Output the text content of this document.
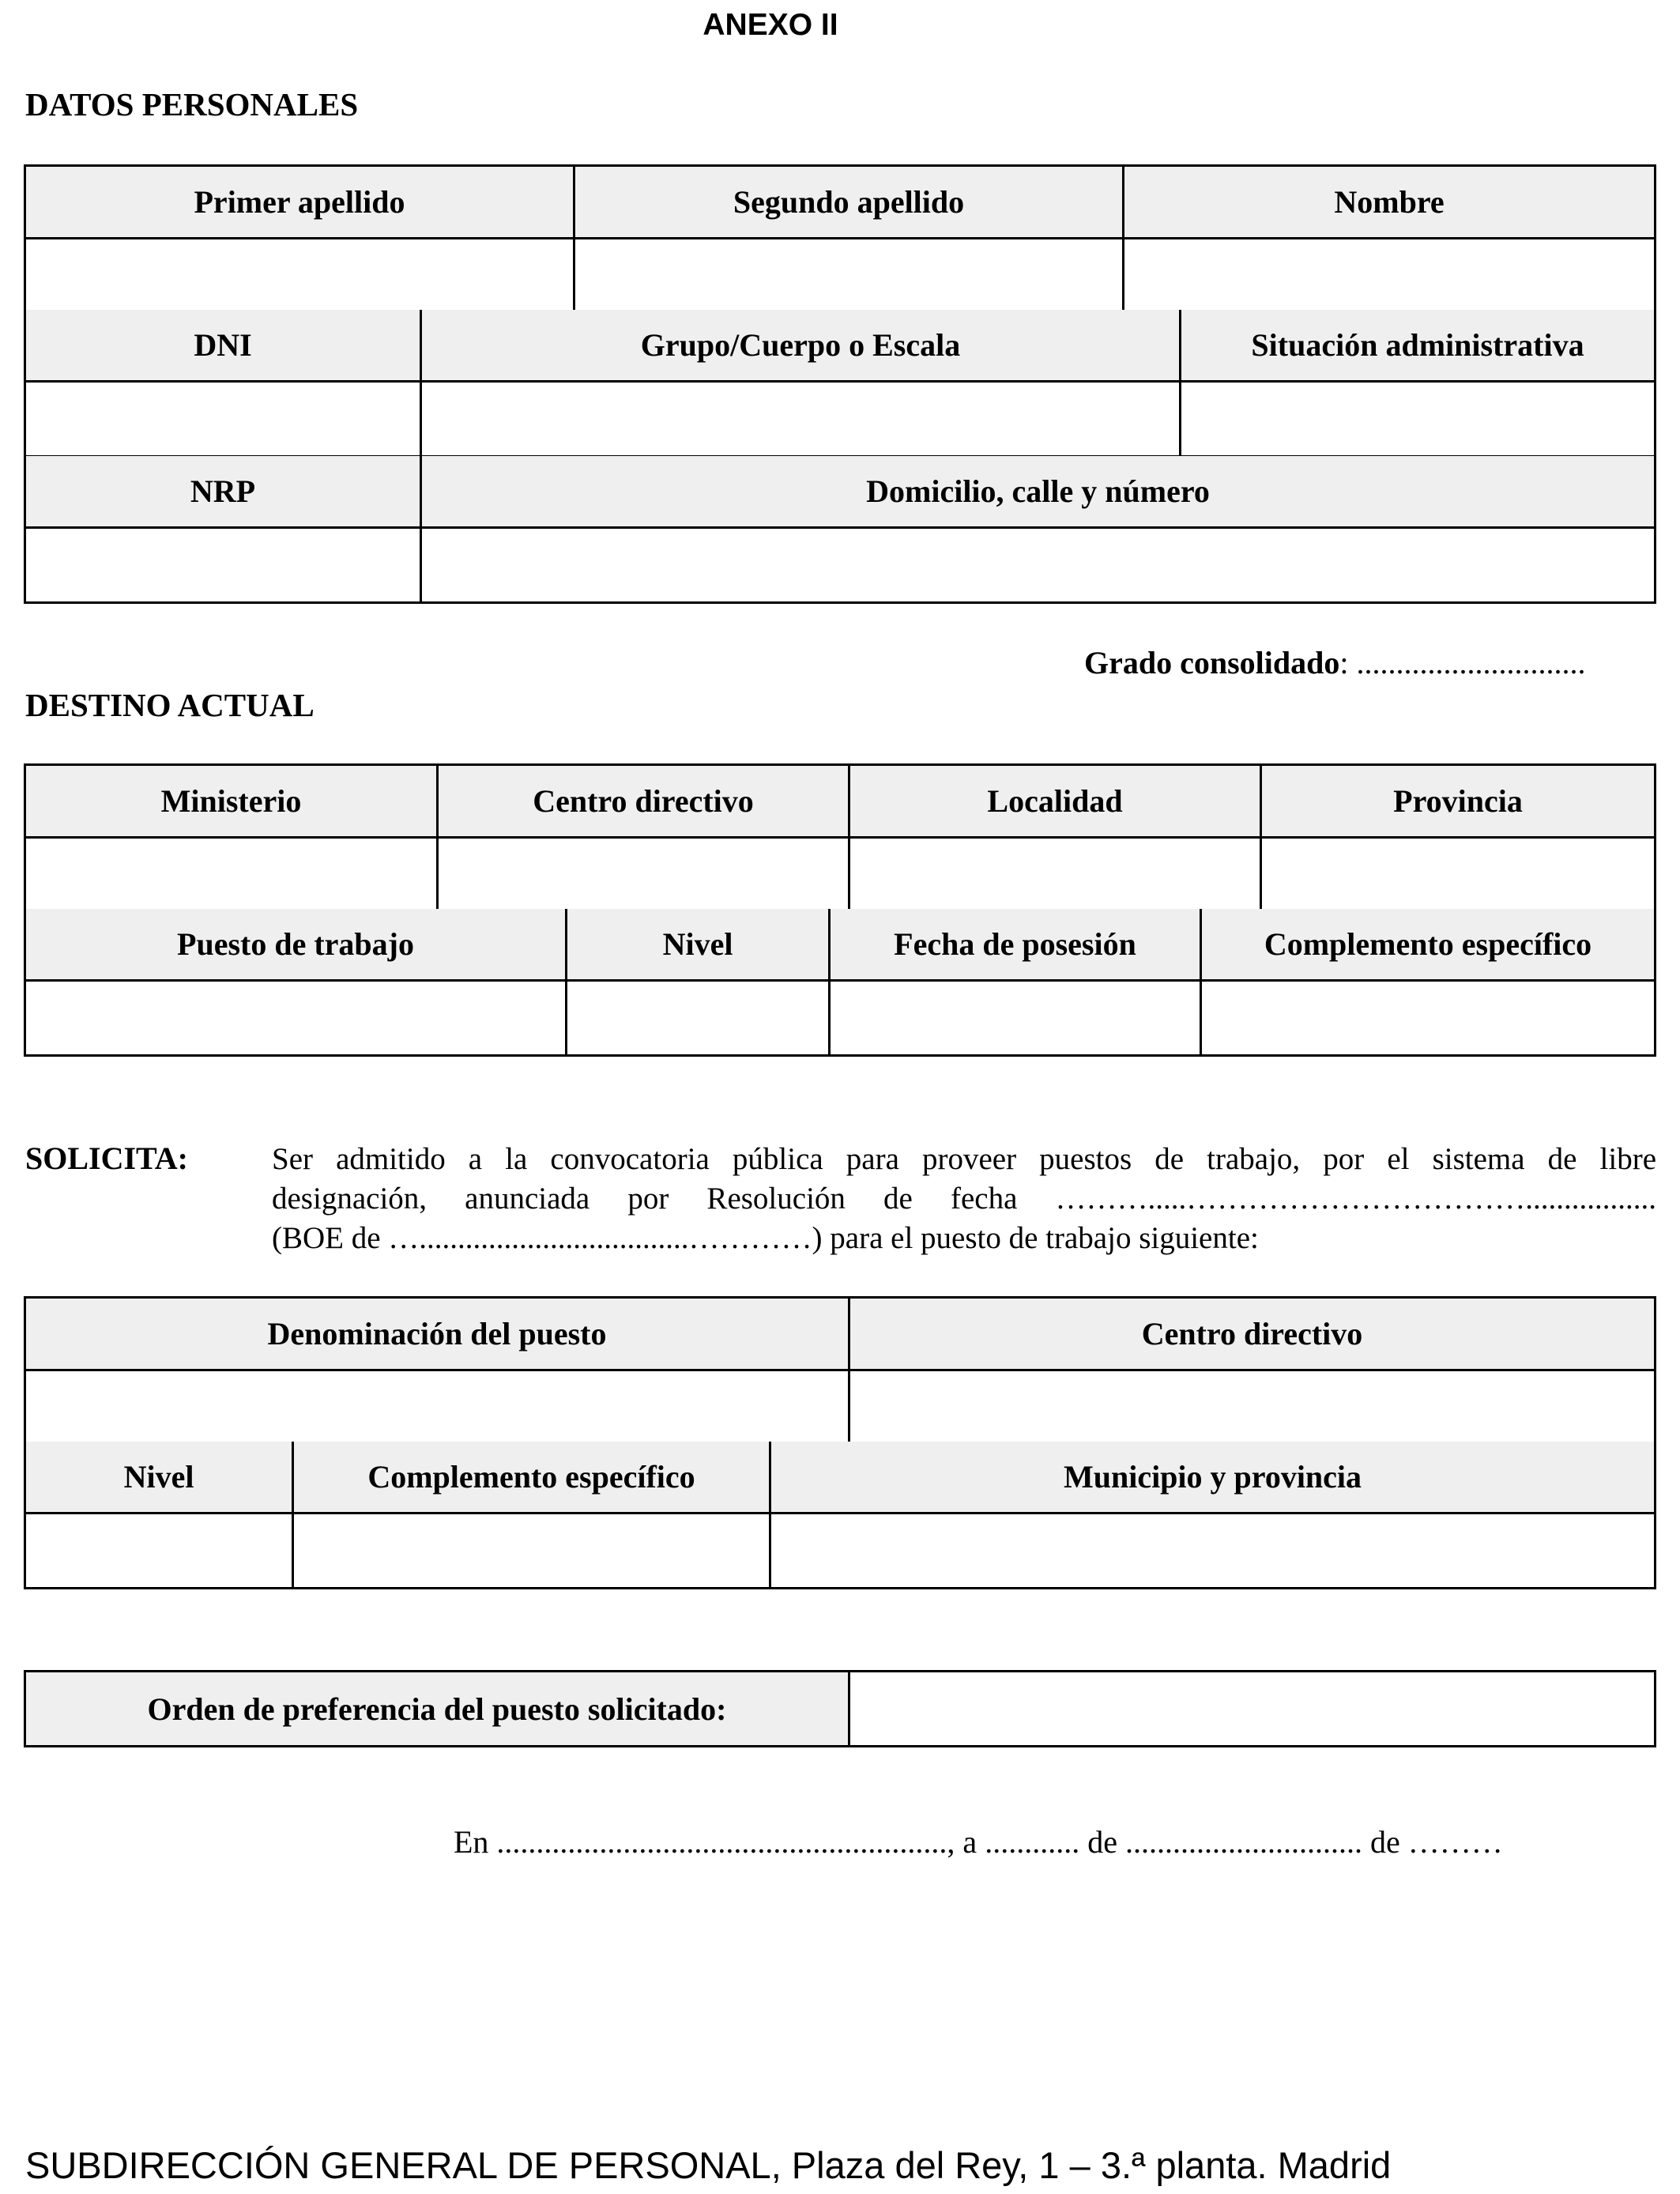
ANEXO II
DATOS PERSONALES
Primer apellido	Segundo apellido	Nombre
DNI	Grupo/Cuerpo o Escala	Situación administrativa
NRP	Domicilio, calle y número
Grado consolidado: .............................
DESTINO ACTUAL
Ministerio	Centro directivo	Localidad	Provincia
Puesto de trabajo	Nivel	Fecha de posesión	Complemento específico
SOLICITA:	Ser admitido a la convocatoria pública para proveer puestos de trabajo, por el sistema de libre
designación, anunciada por Resolución de fecha ……….....…………………………….................
(BOE de …...................................…………) para el puesto de trabajo siguiente:
Denominación del puesto	Centro directivo
Nivel	Complemento específico	Municipio y provincia
Orden de preferencia del puesto solicitado:
En ........................................................., a ............ de .............................. de ………
SUBDIRECCIÓN GENERAL DE PERSONAL, Plaza del Rey, 1 – 3.ª planta. Madrid
